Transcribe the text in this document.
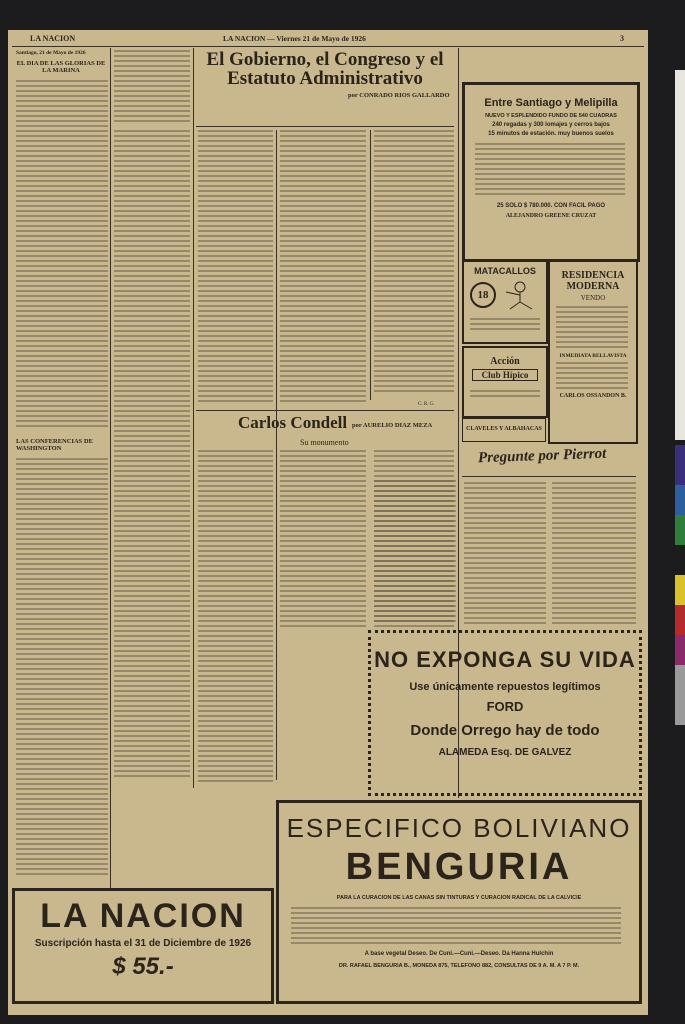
LA NACION	LA NACION — Viernes 21 de Mayo de 1926	3
Santiago, 21 de Mayo de 1926
EL DIA DE LAS GLORIAS DE LA MARINA
LAS CONFERENCIAS DE WASHINGTON
El Gobierno, el Congreso y el Estatuto Administrativo
por CONRADO RIOS GALLARDO
C. R. G.
Carlos Condell por AURELIO DIAZ MEZA
Su monumento
Entre Santiago y Melipilla
NUEVO Y ESPLENDIDO FUNDO DE 540 CUADRAS
240 regadas y 300 lomajes y cerros bajos
15 minutos de estación. muy buenos suelos
25 SOLO $ 780.000. CON FACIL PAGO
ALEJANDRO GREENE CRUZAT
MATACALLOS
18
Acción
Club Hípico
CLAVELES Y ALBAHACAS
RESIDENCIA
MODERNA
VENDO
INMEDIATA BELLAVISTA
CARLOS OSSANDON B.
Pregunte por Pierrot
NO EXPONGA SU VIDA
Use únicamente repuestos legítimos
FORD
Donde Orrego hay de todo
ALAMEDA Esq. DE GALVEZ
ESPECIFICO BOLIVIANO
BENGURIA
PARA LA CURACION DE LAS CANAS SIN TINTURAS Y CURACION RADICAL DE LA CALVICIE
A base vegetal Deseo. De Cuni.—Cuni.—Deseo. Da Hanna Hulchin
DR. RAFAEL BENGURIA B., MONEDA 875, TELEFONO 882, CONSULTAS DE 9 A. M. A 7 P. M.
LA NACION
Suscripción hasta el 31 de Diciembre de 1926
$ 55.-
